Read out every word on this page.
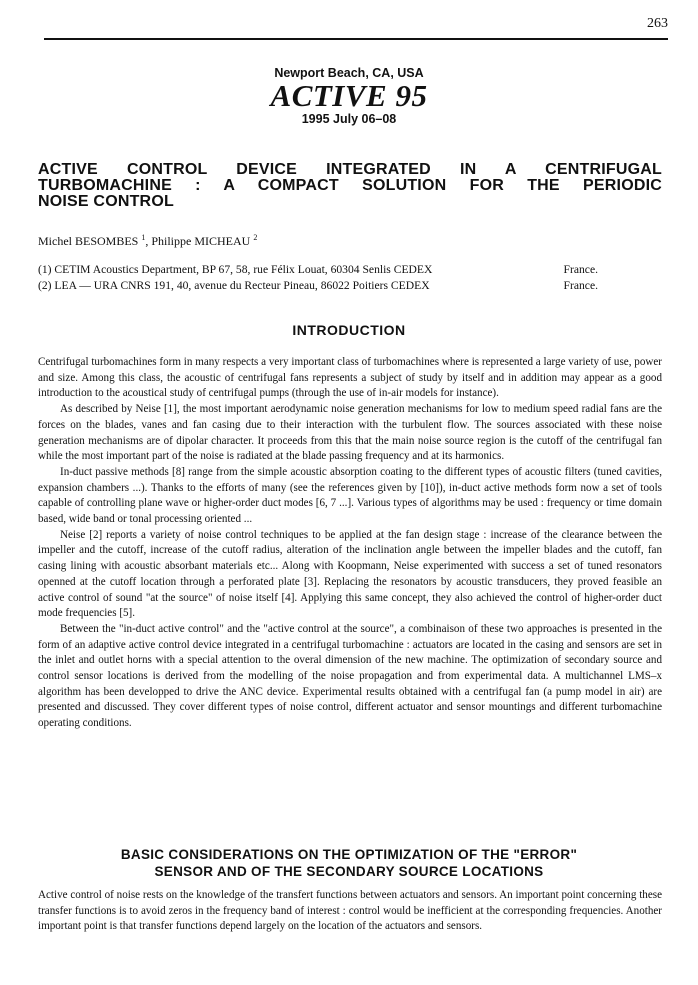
263
Newport Beach, CA, USA
ACTIVE 95
1995 July 06–08
ACTIVE CONTROL DEVICE INTEGRATED IN A CENTRIFUGAL
TURBOMACHINE : A COMPACT SOLUTION FOR THE PERIODIC
NOISE CONTROL
Michel BESOMBES $^1$, Philippe MICHEAU $^2$
(1) CETIM Acoustics Department, BP 67, 58, rue Félix Louat, 60304 Senlis CEDEX	France.
(2) LEA — URA CNRS 191, 40, avenue du Recteur Pineau, 86022 Poitiers CEDEX	France.
INTRODUCTION

Centrifugal turbomachines form in many respects a very important class of turbomachines where is represented a large variety of use, power and size. Among this class, the acoustic of centrifugal fans represents a subject of study by itself and in addition may appear as a good introduction to the acoustical study of centrifugal pumps (through the use of in-air models for instance).

As described by Neise [1], the most important aerodynamic noise generation mechanisms for low to medium speed radial fans are the forces on the blades, vanes and fan casing due to their interaction with the turbulent flow. The sources associated with these noise generation mechanisms are of dipolar character. It proceeds from this that the main noise source region is the cutoff of the centrifugal fan while the most important part of the noise is radiated at the blade passing frequency and at its harmonics.

In-duct passive methods [8] range from the simple acoustic absorption coating to the different types of acoustic filters (tuned cavities, expansion chambers ...). Thanks to the efforts of many (see the references given by [10]), in-duct active methods form now a set of tools capable of controlling plane wave or higher-order duct modes [6, 7 ...]. Various types of algorithms may be used : frequency or time domain based, wide band or tonal processing oriented ...

Neise [2] reports a variety of noise control techniques to be applied at the fan design stage : increase of the clearance between the impeller and the cutoff, increase of the cutoff radius, alteration of the inclination angle between the impeller blades and the cutoff, fan casing lining with acoustic absorbant materials etc... Along with Koopmann, Neise experimented with success a set of tuned resonators openned at the cutoff location through a perforated plate [3]. Replacing the resonators by acoustic transducers, they proved feasible an active control of sound "at the source" of noise itself [4]. Applying this same concept, they also achieved the control of higher-order duct mode frequencies [5].

Between the "in-duct active control" and the "active control at the source", a combinaison of these two approaches is presented in the form of an adaptive active control device integrated in a centrifugal turbomachine : actuators are located in the casing and sensors are set in the inlet and outlet horns with a special attention to the overal dimension of the new machine. The optimization of secondary source and control sensor locations is derived from the modelling of the noise propagation and from experimental data. A multichannel LMS–x algorithm has been developped to drive the ANC device. Experimental results obtained with a centrifugal fan (a pump model in air) are presented and discussed. They cover different types of noise control, different actuator and sensor mountings and different turbomachine operating conditions.

BASIC CONSIDERATIONS ON THE OPTIMIZATION OF THE "ERROR"
SENSOR AND OF THE SECONDARY SOURCE LOCATIONS

Active control of noise rests on the knowledge of the transfert functions between actuators and sensors. An important point concerning these transfer functions is to avoid zeros in the frequency band of interest : control would be inefficient at the corresponding frequencies. Another important point is that transfer functions depend largely on the location of the actuators and sensors.
